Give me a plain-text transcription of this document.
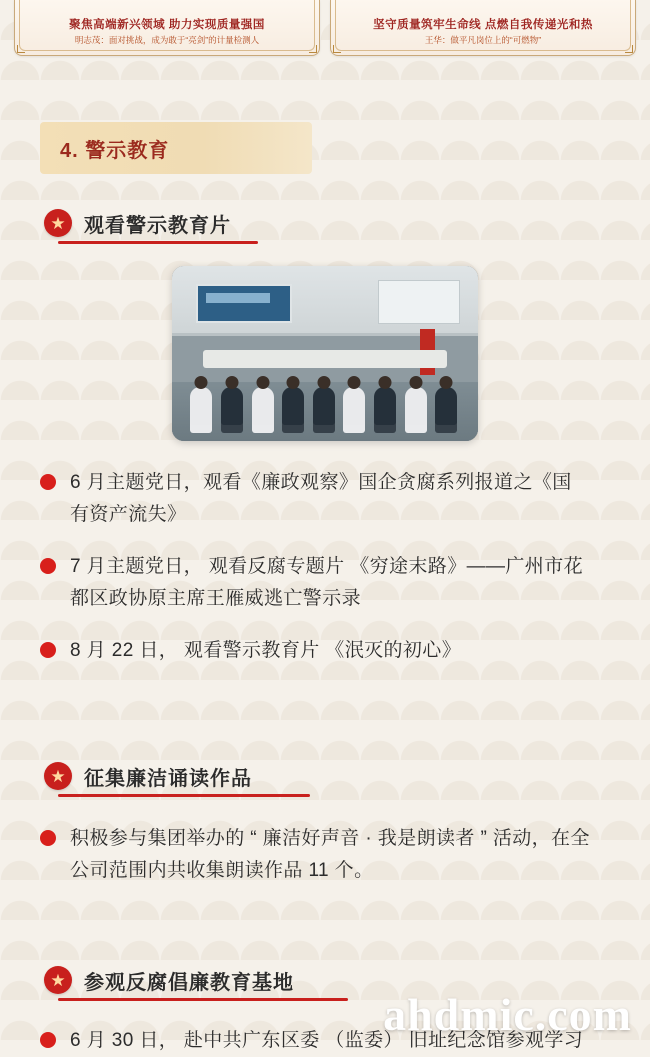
聚焦高端新兴领域 助力实现质量强国
明志茂：面对挑战，成为敢于“亮剑”的计量检测人
坚守质量筑牢生命线 点燃自我传递光和热
王华：做平凡岗位上的“可燃物”
4. 警示教育
★ 观看警示教育片
6 月主题党日，观看《廉政观察》国企贪腐系列报道之《国有资产流失》
7 月主题党日， 观看反腐专题片 《穷途末路》——广州市花都区政协原主席王雁威逃亡警示录
8 月 22 日， 观看警示教育片 《泯灭的初心》
★ 征集廉洁诵读作品
积极参与集团举办的 “ 廉洁好声音 · 我是朗读者 ” 活动，在全公司范围内共收集朗读作品 11 个。
★ 参观反腐倡廉教育基地
6 月 30 日， 赴中共广东区委 （监委） 旧址纪念馆参观学习
ahdmic.com
